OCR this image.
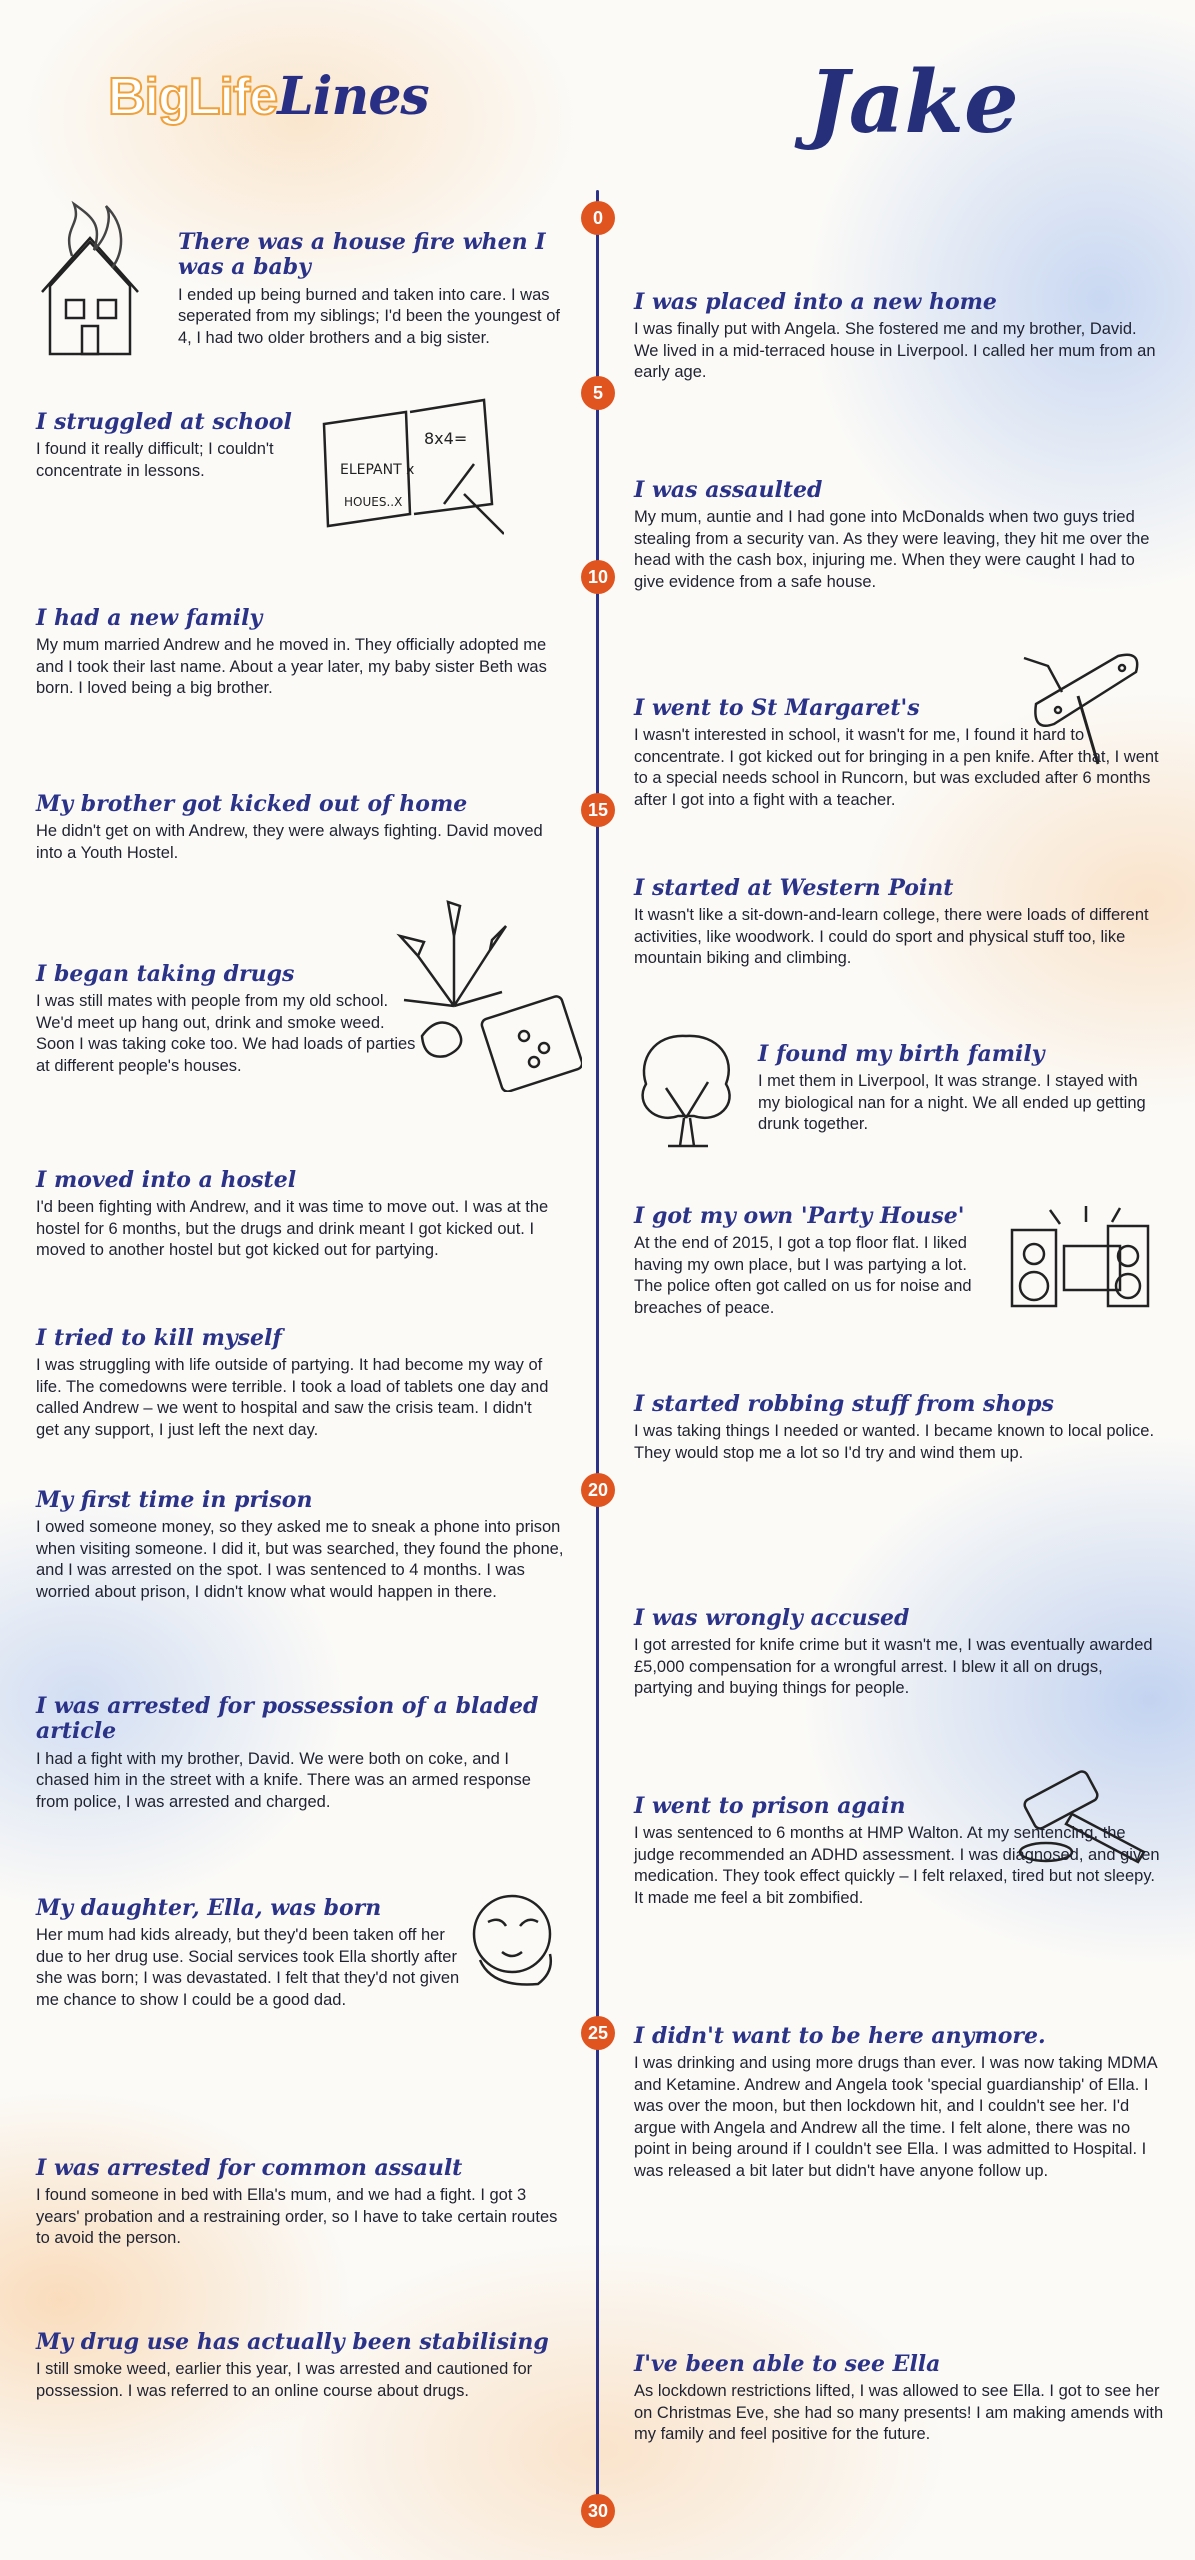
BigLifeLines	Jake
0
5
10
15
20
25
30
ELEPANT x
8x4=
HOUES..X
There was a house fire when I was a baby

I ended up being burned and taken into care. I was seperated from my siblings; I'd been the youngest of 4, I had two older brothers and a big sister.

I struggled at school

I found it really difficult; I couldn't concentrate in lessons.

I had a new family

My mum married Andrew and he moved in. They officially adopted me and I took their last name. About a year later, my baby sister Beth was born. I loved being a big brother.

My brother got kicked out of home

He didn't get on with Andrew, they were always fighting. David moved into a Youth Hostel.

I began taking drugs

I was still mates with people from my old school. We'd meet up hang out, drink and smoke weed. Soon I was taking coke too. We had loads of parties at different people's houses.

I moved into a hostel

I'd been fighting with Andrew, and it was time to move out. I was at the hostel for 6 months, but the drugs and drink meant I got kicked out. I moved to another hostel but got kicked out for partying.

I tried to kill myself

I was struggling with life outside of partying. It had become my way of life. The comedowns were terrible. I took a load of tablets one day and called Andrew – we went to hospital and saw the crisis team. I didn't get any support, I just left the next day.

My first time in prison

I owed someone money, so they asked me to sneak a phone into prison when visiting someone. I did it, but was searched, they found the phone, and I was arrested on the spot. I was sentenced to 4 months. I was worried about prison, I didn't know what would happen in there.

I was arrested for possession of a bladed article

I had a fight with my brother, David. We were both on coke, and I chased him in the street with a knife. There was an armed response from police, I was arrested and charged.

My daughter, Ella, was born

Her mum had kids already, but they'd been taken off her due to her drug use. Social services took Ella shortly after she was born; I was devastated. I felt that they'd not given me chance to show I could be a good dad.

I was arrested for common assault

I found someone in bed with Ella's mum, and we had a fight. I got 3 years' probation and a restraining order, so I have to take certain routes to avoid the person.

My drug use has actually been stabilising

I still smoke weed, earlier this year, I was arrested and cautioned for possession. I was referred to an online course about drugs.

I was placed into a new home

I was finally put with Angela. She fostered me and my brother, David. We lived in a mid-terraced house in Liverpool. I called her mum from an early age.

I was assaulted

My mum, auntie and I had gone into McDonalds when two guys tried stealing from a security van. As they were leaving, they hit me over the head with the cash box, injuring me. When they were caught I had to give evidence from a safe house.

I went to St Margaret's

I wasn't interested in school, it wasn't for me, I found it hard to concentrate. I got kicked out for bringing in a pen knife. After that, I went to a special needs school in Runcorn, but was excluded after 6 months after I got into a fight with a teacher.

I started at Western Point

It wasn't like a sit-down-and-learn college, there were loads of different activities, like woodwork. I could do sport and physical stuff too, like mountain biking and climbing.

I found my birth family

I met them in Liverpool, It was strange. I stayed with my biological nan for a night. We all ended up getting drunk together.

I got my own 'Party House'

At the end of 2015, I got a top floor flat. I liked having my own place, but I was partying a lot. The police often got called on us for noise and breaches of peace.

I started robbing stuff from shops

I was taking things I needed or wanted. I became known to local police. They would stop me a lot so I'd try and wind them up.

I was wrongly accused

I got arrested for knife crime but it wasn't me, I was eventually awarded £5,000 compensation for a wrongful arrest. I blew it all on drugs, partying and buying things for people.

I went to prison again

I was sentenced to 6 months at HMP Walton. At my sentencing, the judge recommended an ADHD assessment. I was diagnosed, and given medication. They took effect quickly – I felt relaxed, tired but not sleepy. It made me feel a bit zombified.

I didn't want to be here anymore.

I was drinking and using more drugs than ever. I was now taking MDMA and Ketamine. Andrew and Angela took 'special guardianship' of Ella. I was over the moon, but then lockdown hit, and I couldn't see her. I'd argue with Angela and Andrew all the time. I felt alone, there was no point in being around if I couldn't see Ella. I was admitted to Hospital. I was released a bit later but didn't have anyone follow up.

I've been able to see Ella

As lockdown restrictions lifted, I was allowed to see Ella. I got to see her on Christmas Eve, she had so many presents! I am making amends with my family and feel positive for the future.
